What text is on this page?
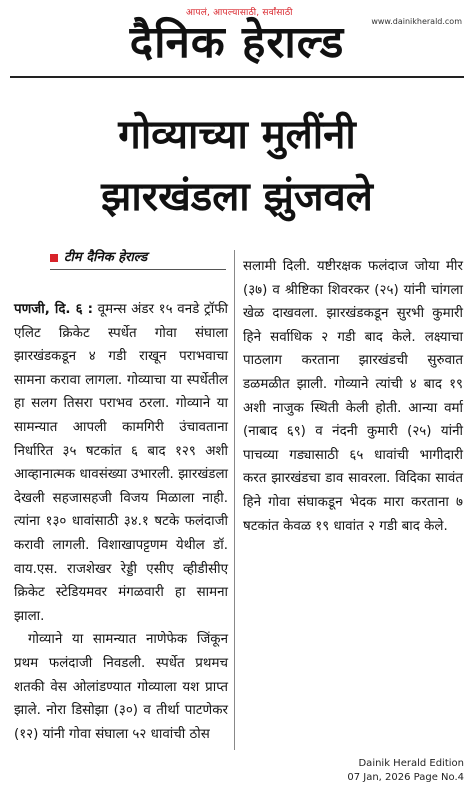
आपलं, आपल्यासाठी, सर्वांसाठी
www.dainikherald.com
दैनिक हेराल्ड
गोव्याच्या मुलींनी
झारखंडला झुंजवले
टीम दैनिक हेराल्ड

पणजी, दि. ६ : वूमन्स अंडर १५ वनडे ट्रॉफी एलिट क्रिकेट स्पर्धेत गोवा संघाला झारखंडकडून ४ गडी राखून पराभवाचा सामना करावा लागला. गोव्याचा या स्पर्धेतील हा सलग तिसरा पराभव ठरला. गोव्याने या सामन्यात आपली कामगिरी उंचावताना निर्धारित ३५ षटकांत ६ बाद १२९ अशी आव्हानात्मक धावसंख्या उभारली. झारखंडला देखली सहजासहजी विजय मिळाला नाही. त्यांना १३० धावांसाठी ३४.१ षटके फलंदाजी करावी लागली. विशाखापट्टणम येथील डॉ. वाय.एस. राजशेखर रेड्डी एसीए व्हीडीसीए क्रिकेट स्टेडियमवर मंगळवारी हा सामना झाला.

गोव्याने या सामन्यात नाणेफेक जिंकून प्रथम फलंदाजी निवडली. स्पर्धेत प्रथमच शतकी वेस ओलांडण्यात गोव्याला यश प्राप्त झाले. नोरा डिसोझा (३०) व तीर्था पाटणेकर (१२) यांनी गोवा संघाला ५२ धावांची ठोस

सलामी दिली. यष्टीरक्षक फलंदाज जोया मीर (३७) व श्रीष्टिका शिवरकर (२५) यांनी चांगला खेळ दाखवला. झारखंडकडून सुरभी कुमारी हिने सर्वाधिक २ गडी बाद केले. लक्ष्याचा पाठलाग करताना झारखंडची सुरुवात डळमळीत झाली. गोव्याने त्यांची ४ बाद १९ अशी नाजुक स्थिती केली होती. आन्या वर्मा (नाबाद ६९) व नंदनी कुमारी (२५) यांनी पाचव्या गड्यासाठी ६५ धावांची भागीदारी करत झारखंडचा डाव सावरला. विदिका सावंत हिने गोवा संघाकडून भेदक मारा करताना ७ षटकांत केवळ १९ धावांत २ गडी बाद केले.

Dainik Herald Edition
07 Jan, 2026 Page No.4
